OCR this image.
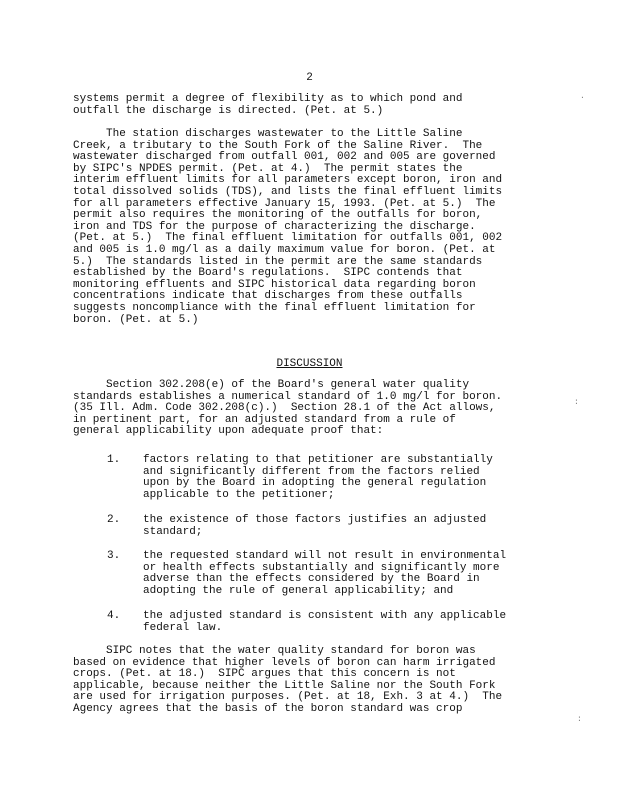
2
systems permit a degree of flexibility as to which pond and
outfall the discharge is directed. (Pet. at 5.)
The station discharges wastewater to the Little Saline
Creek, a tributary to the South Fork of the Saline River.  The
wastewater discharged from outfall 001, 002 and 005 are governed
by SIPC's NPDES permit. (Pet. at 4.)  The permit states the
interim effluent limits for all parameters except boron, iron and
total dissolved solids (TDS), and lists the final effluent limits
for all parameters effective January 15, 1993. (Pet. at 5.)  The
permit also requires the monitoring of the outfalls for boron,
iron and TDS for the purpose of characterizing the discharge.
(Pet. at 5.)  The final effluent limitation for outfalls 001, 002
and 005 is 1.0 mg/l as a daily maximum value for boron. (Pet. at
5.)  The standards listed in the permit are the same standards
established by the Board's regulations.  SIPC contends that
monitoring effluents and SIPC historical data regarding boron
concentrations indicate that discharges from these outfalls
suggests noncompliance with the final effluent limitation for
boron. (Pet. at 5.)
DISCUSSION
Section 302.208(e) of the Board's general water quality
standards establishes a numerical standard of 1.0 mg/l for boron.
(35 Ill. Adm. Code 302.208(c).)  Section 28.1 of the Act allows,
in pertinent part, for an adjusted standard from a rule of
general applicability upon adequate proof that:
1. factors relating to that petitioner are substantially
and significantly different from the factors relied
upon by the Board in adopting the general regulation
applicable to the petitioner;
2. the existence of those factors justifies an adjusted
standard;
3. the requested standard will not result in environmental
or health effects substantially and significantly more
adverse than the effects considered by the Board in
adopting the rule of general applicability; and
4. the adjusted standard is consistent with any applicable
federal law.
SIPC notes that the water quality standard for boron was
based on evidence that higher levels of boron can harm irrigated
crops. (Pet. at 18.)  SIPC argues that this concern is not
applicable, because neither the Little Saline nor the South Fork
are used for irrigation purposes. (Pet. at 18, Exh. 3 at 4.)  The
Agency agrees that the basis of the boron standard was crop
.
:
:
